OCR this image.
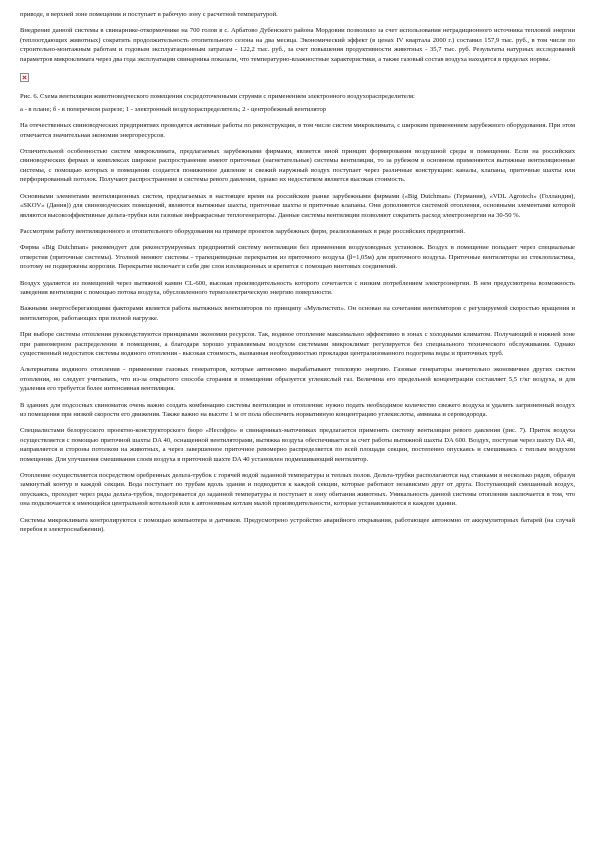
приводе, в верхней зоне помещения и поступает в рабочую зону с расчетной температурой.

Внедрение данной системы в свинарнике-откормочнике на 700 голов в с. Арбатово Дубенского района Мордовии позволило за счет использования нетрадиционного источника тепловой энергии (теплоотдающих животных) сократить продолжительность отопительного сезона на два месяца. Экономический эффект (в ценах IV квартала 2000 г.) составил 157,9 тыс. руб., в том числе по строительно-монтажным работам и годовым эксплуатационным затратам - 122,2 тыс. руб., за счет повышения продуктивности животных - 35,7 тыс. руб. Результаты натурных исследований параметров микроклимата через два года эксплуатации свинарника показали, что температурно-влажностные характеристики, а также газовый состав воздуха находятся в пределах нормы.

Рис. 6. Схема вентиляции животноводческого помещения сосредоточенными струями с применением электронного воздухораспределителя:

а - в плане; б - в поперечном разрезе; 1 - электронный воздухораспределитель; 2 - центробежный вентилятор

На отечественных свиноводческих предприятиях проводятся активные работы по реконструкции, в том числе систем микроклимата, с широким применением зарубежного оборудования. При этом отмечается значительная экономия энергоресурсов.

Отличительной особенностью систем микроклимата, предлагаемых зарубежными фирмами, является иной принцип формирования воздушной среды в помещении. Если на российских свиноводческих фермах и комплексах широкое распространение имеют приточные (нагнетательные) системы вентиляции, то за рубежом в основном применяются вытяжные вентиляционные системы, с помощью которых в помещении создается пониженное давление и свежий наружный воздух поступает через различные конструкции: каналы, клапаны, приточные шахты или перфорированный потолок. Получают распространение и системы ревого давления, однако их недостатком является высокая стоимость.

Основными элементами вентиляционных систем, предлагаемых в настоящее время на российском рынке зарубежными фирмами («Big Dutchman» (Германия), «VDL Agrotech» (Голландия), «SKOV» (Дания)) для свиноводческих помещений, являются вытяжные шахты, приточные шахты и приточные клапаны. Они дополняются системой отопления, основными элементами которой являются высокоэффективные дельта-трубки или газовые инфракрасные теплогенераторы. Данные системы вентиляции позволяют сократить расход электроэнергии на 30-50 %.

Рассмотрим работу вентиляционного и отопительного оборудования на примере проектов зарубежных фирм, реализованных в ряде российских предприятий.

Фирма «Big Dutchman» рекомендует для реконструируемых предприятий систему вентиляции без применения воздуховодных установок. Воздух в помещение попадает через специальные отверстия (приточные системы). Уголной меняют системы - трапециевидные перекрытия из приточного воздуха (β=1,05м) для приточного воздуха. Приточные вентиляторы из стеклопластика, поэтому не подвержены коррозии. Перекрытие включает в себя две слоя изоляционных и крепится с помощью винтовых соединений.

Воздух удаляется из помещений через вытяжной камин CL-600, высокая производительность которого сочетается с низким потреблением электроэнергии. В нем предусмотрена возможность заведения вентиляции с помощью потока воздуха, обусловленного термоэлектрическую энергию поверхности.

Важными энергосберегающими факторами является работа вытяжных вентиляторов по принципу «Мультистеп». Он основан на сочетании вентиляторов с регулируемой скоростью вращения и вентиляторов, работающих при полной нагрузке.

При выборе системы отопления руководствуются принципами экономии ресурсов. Так, водяное отопление максимально эффективно в зонах с холодными климатом. Получающий в нижней зоне при равномерном распределении в помещении, а благодаря хорошо управляемым воздухом системами микроклимат регулируется без специального технического обслуживания. Однако существенный недостаток системы водяного отопления - высокая стоимость, вызванная необходимостью прокладки централизованного подогрева воды и приточных труб.

Альтернатива водяного отопления - применение газовых генераторов, которые автономно вырабатывают тепловую энергию. Газовые генераторы значительно экономичнее других систем отопления, но следует учитывать, что из-за открытого способа сгорания в помещении образуется углекислый газ. Величина его предельной концентрации составляет 5,5 г/кг воздуха, и для удаления его требуется более интенсивная вентиляция.

В зданиях для подсосных свиноматок очень важно создать комбинацию системы вентиляции и отопления: нужно подать необходимое количество свежего воздуха и удалить загрязненный воздух из помещения при низкой скорости его движения. Также важно на высоте 1 м от пола обеспечить нормативную концентрацию углекислоты, аммиака и сероводорода.

Специалистами белорусского проектно-конструкторского бюро «Несофро» в свинарниках-маточниках предлагается применять систему вентиляции ревого давления (рис. 7). Приток воздуха осуществляется с помощью приточной шахты DA 40, оснащенной вентиляторами, вытяжка воздуха обеспечивается за счет работы вытяжной шахты DA 600. Воздух, поступая через шахту DA 40, направляется в стороны потолком на животных, а через завершенное приточное ревомерно распределяется по всей площади секции, постепенно опускаясь и смешиваясь с теплым воздухом помещения. Для улучшения смешивания слоев воздуха в приточной шахте DA 40 установлен подмешивающий вентилятор.

Отопление осуществляется посредством оребренных дельта-трубок с горячей водой заданной температуры и теплых полов. Дельта-трубки располагаются над станками в несколько рядов, образуя замкнутый контур в каждой секции. Вода поступает по трубам вдоль здания и подводится к каждой секции, которые работают независимо друг от друга. Поступающий смешанный воздух, опускаясь, проходит через ряды дельта-трубок, подогревается до заданной температуры и поступает в зону обитания животных. Уникальность данной системы отопления заключается в том, что она подключается к имеющейся центральной котельной или к автономным котлам малой производительности, которые устанавливаются в каждом здании.

Системы микроклимата контролируются с помощью компьютера и датчиков. Предусмотрено устройство аварийного открывания, работающее автономно от аккумуляторных батарей (на случай перебоя в электроснабжении).
